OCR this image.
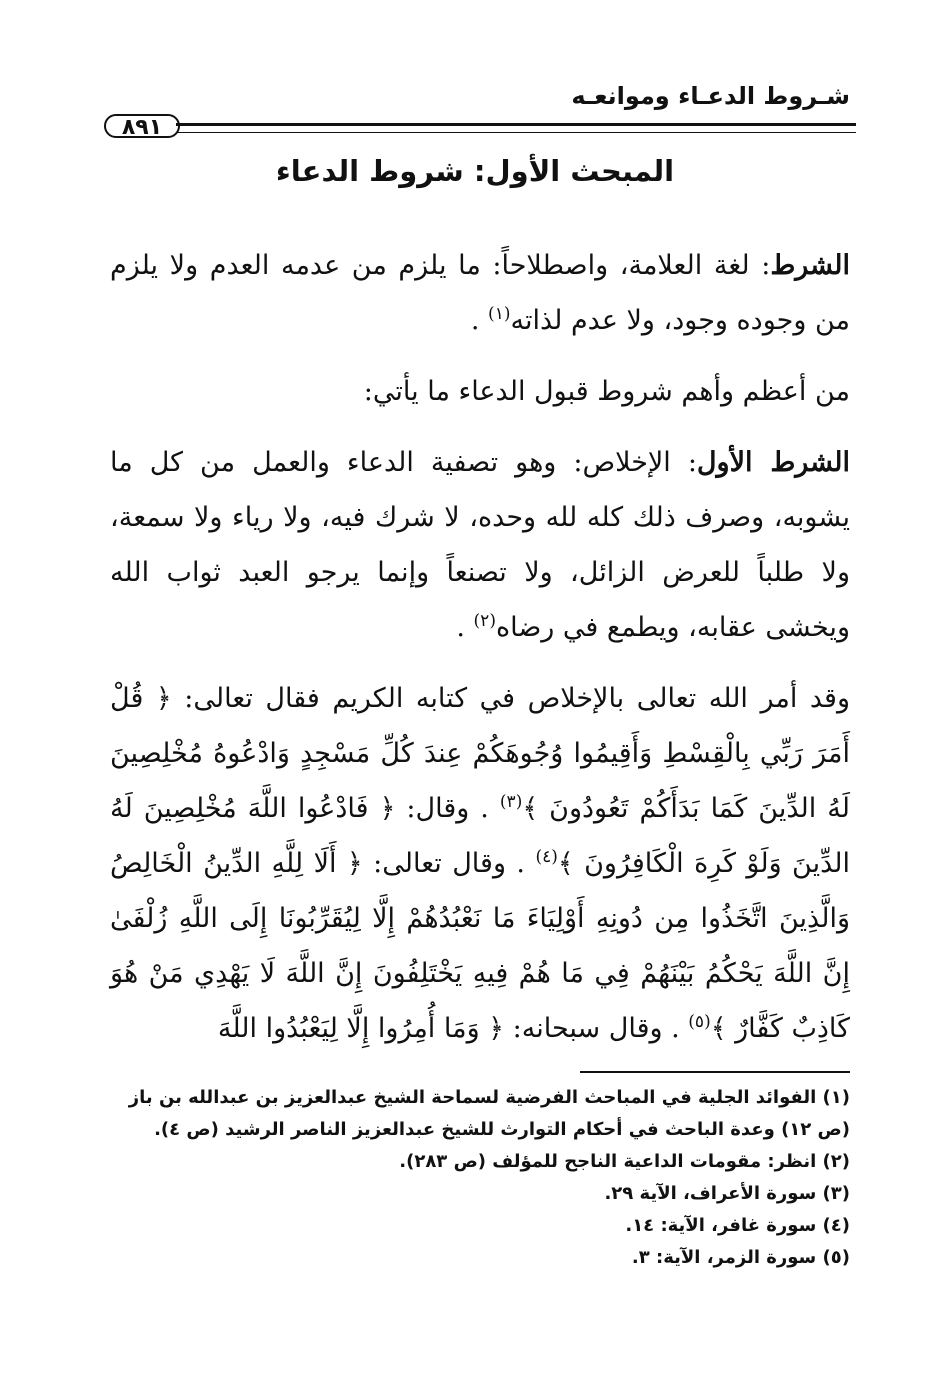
شـروط الدعـاء وموانعـه
٨٩١
المبحث الأول: شروط الدعاء

الشرط: لغة العلامة، واصطلاحاً: ما يلزم من عدمه العدم ولا يلزم من وجوده وجود، ولا عدم لذاته$^{(١)}$ .

من أعظم وأهم شروط قبول الدعاء ما يأتي:

الشرط الأول: الإخلاص: وهو تصفية الدعاء والعمل من كل ما يشوبه، وصرف ذلك كله لله وحده، لا شرك فيه، ولا رياء ولا سمعة، ولا طلباً للعرض الزائل، ولا تصنعاً وإنما يرجو العبد ثواب الله ويخشى عقابه، ويطمع في رضاه$^{(٢)}$ .

وقد أمر الله تعالى بالإخلاص في كتابه الكريم فقال تعالى: ﴿ قُلْ أَمَرَ رَبِّي بِالْقِسْطِ وَأَقِيمُوا وُجُوهَكُمْ عِندَ كُلِّ مَسْجِدٍ وَادْعُوهُ مُخْلِصِينَ لَهُ الدِّينَ كَمَا بَدَأَكُمْ تَعُودُونَ ﴾$^{(٣)}$ . وقال: ﴿ فَادْعُوا اللَّهَ مُخْلِصِينَ لَهُ الدِّينَ وَلَوْ كَرِهَ الْكَافِرُونَ ﴾$^{(٤)}$ . وقال تعالى: ﴿ أَلَا لِلَّهِ الدِّينُ الْخَالِصُ وَالَّذِينَ اتَّخَذُوا مِن دُونِهِ أَوْلِيَاءَ مَا نَعْبُدُهُمْ إِلَّا لِيُقَرِّبُونَا إِلَى اللَّهِ زُلْفَىٰ إِنَّ اللَّهَ يَحْكُمُ بَيْنَهُمْ فِي مَا هُمْ فِيهِ يَخْتَلِفُونَ إِنَّ اللَّهَ لَا يَهْدِي مَنْ هُوَ كَاذِبٌ كَفَّارٌ ﴾$^{(٥)}$ . وقال سبحانه: ﴿ وَمَا أُمِرُوا إِلَّا لِيَعْبُدُوا اللَّهَ

(١) الفوائد الجلية في المباحث الفرضية لسماحة الشيخ عبدالعزيز بن عبدالله بن باز (ص ١٢) وعدة الباحث في أحكام التوارث للشيخ عبدالعزيز الناصر الرشيد (ص ٤).

(٢) انظر: مقومات الداعية الناجح للمؤلف (ص ٢٨٣).

(٣) سورة الأعراف، الآية ٢٩.

(٤) سورة غافر، الآية: ١٤.

(٥) سورة الزمر، الآية: ٣.
